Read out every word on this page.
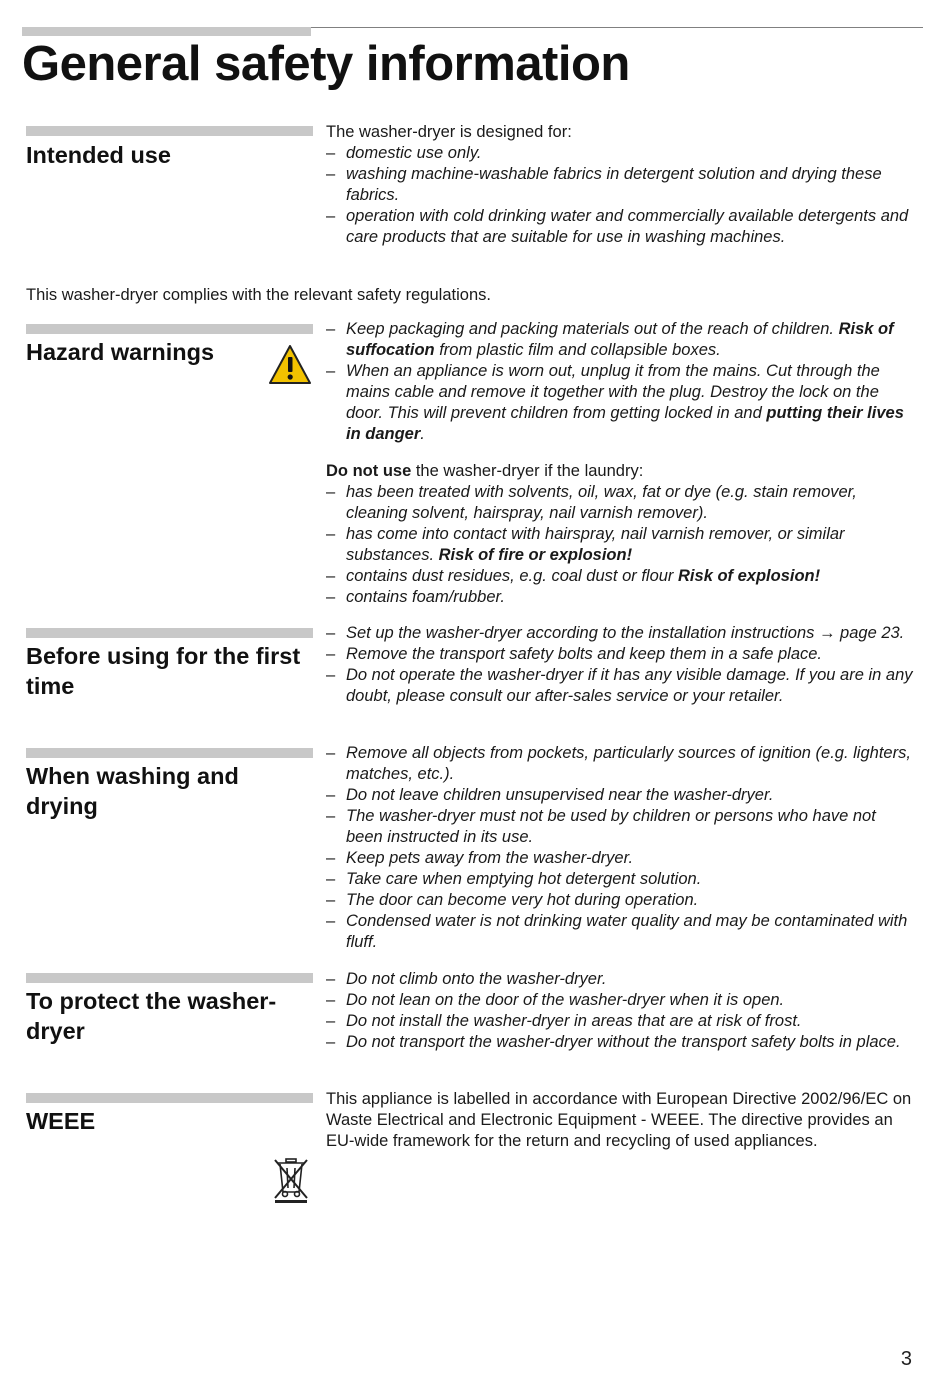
General safety information
Intended use

The washer-dryer is designed for:

– domestic use only.
– washing machine-washable fabrics in detergent solution and drying these fabrics.
– operation with cold drinking water and commercially available detergents and care products that are suitable for use in washing machines.
This washer-dryer complies with the relevant safety regulations.
Hazard warnings
– Keep packaging and packing materials out of the reach of children. Risk of suffocation from plastic film and collapsible boxes.
– When an appliance is worn out, unplug it from the mains. Cut through the mains cable and remove it together with the plug. Destroy the lock on the door. This will prevent children from getting locked in and putting their lives in danger.

Do not use the washer-dryer if the laundry:

– has been treated with solvents, oil, wax, fat or dye (e.g. stain remover, cleaning solvent, hairspray, nail varnish remover).
– has come into contact with hairspray, nail varnish remover, or similar substances. Risk of fire or explosion!
– contains dust residues, e.g. coal dust or flour Risk of explosion!
– contains foam/rubber.
Before using for the first time
– Set up the washer-dryer according to the installation instructions → page 23.
– Remove the transport safety bolts and keep them in a safe place.
– Do not operate the washer-dryer if it has any visible damage. If you are in any doubt, please consult our after-sales service or your retailer.
When washing and drying
– Remove all objects from pockets, particularly sources of ignition (e.g. lighters, matches, etc.).
– Do not leave children unsupervised near the washer-dryer.
– The washer-dryer must not be used by children or persons who have not been instructed in its use.
– Keep pets away from the washer-dryer.
– Take care when emptying hot detergent solution.
– The door can become very hot during operation.
– Condensed water is not drinking water quality and may be contaminated with fluff.
To protect the washer-dryer
– Do not climb onto the washer-dryer.
– Do not lean on the door of the washer-dryer when it is open.
– Do not install the washer-dryer in areas that are at risk of frost.
– Do not transport the washer-dryer without the transport safety bolts in place.
WEEE

This appliance is labelled in accordance with European Directive 2002/96/EC on Waste Electrical and Electronic Equipment - WEEE. The directive provides an EU-wide framework for the return and recycling of used appliances.

3
